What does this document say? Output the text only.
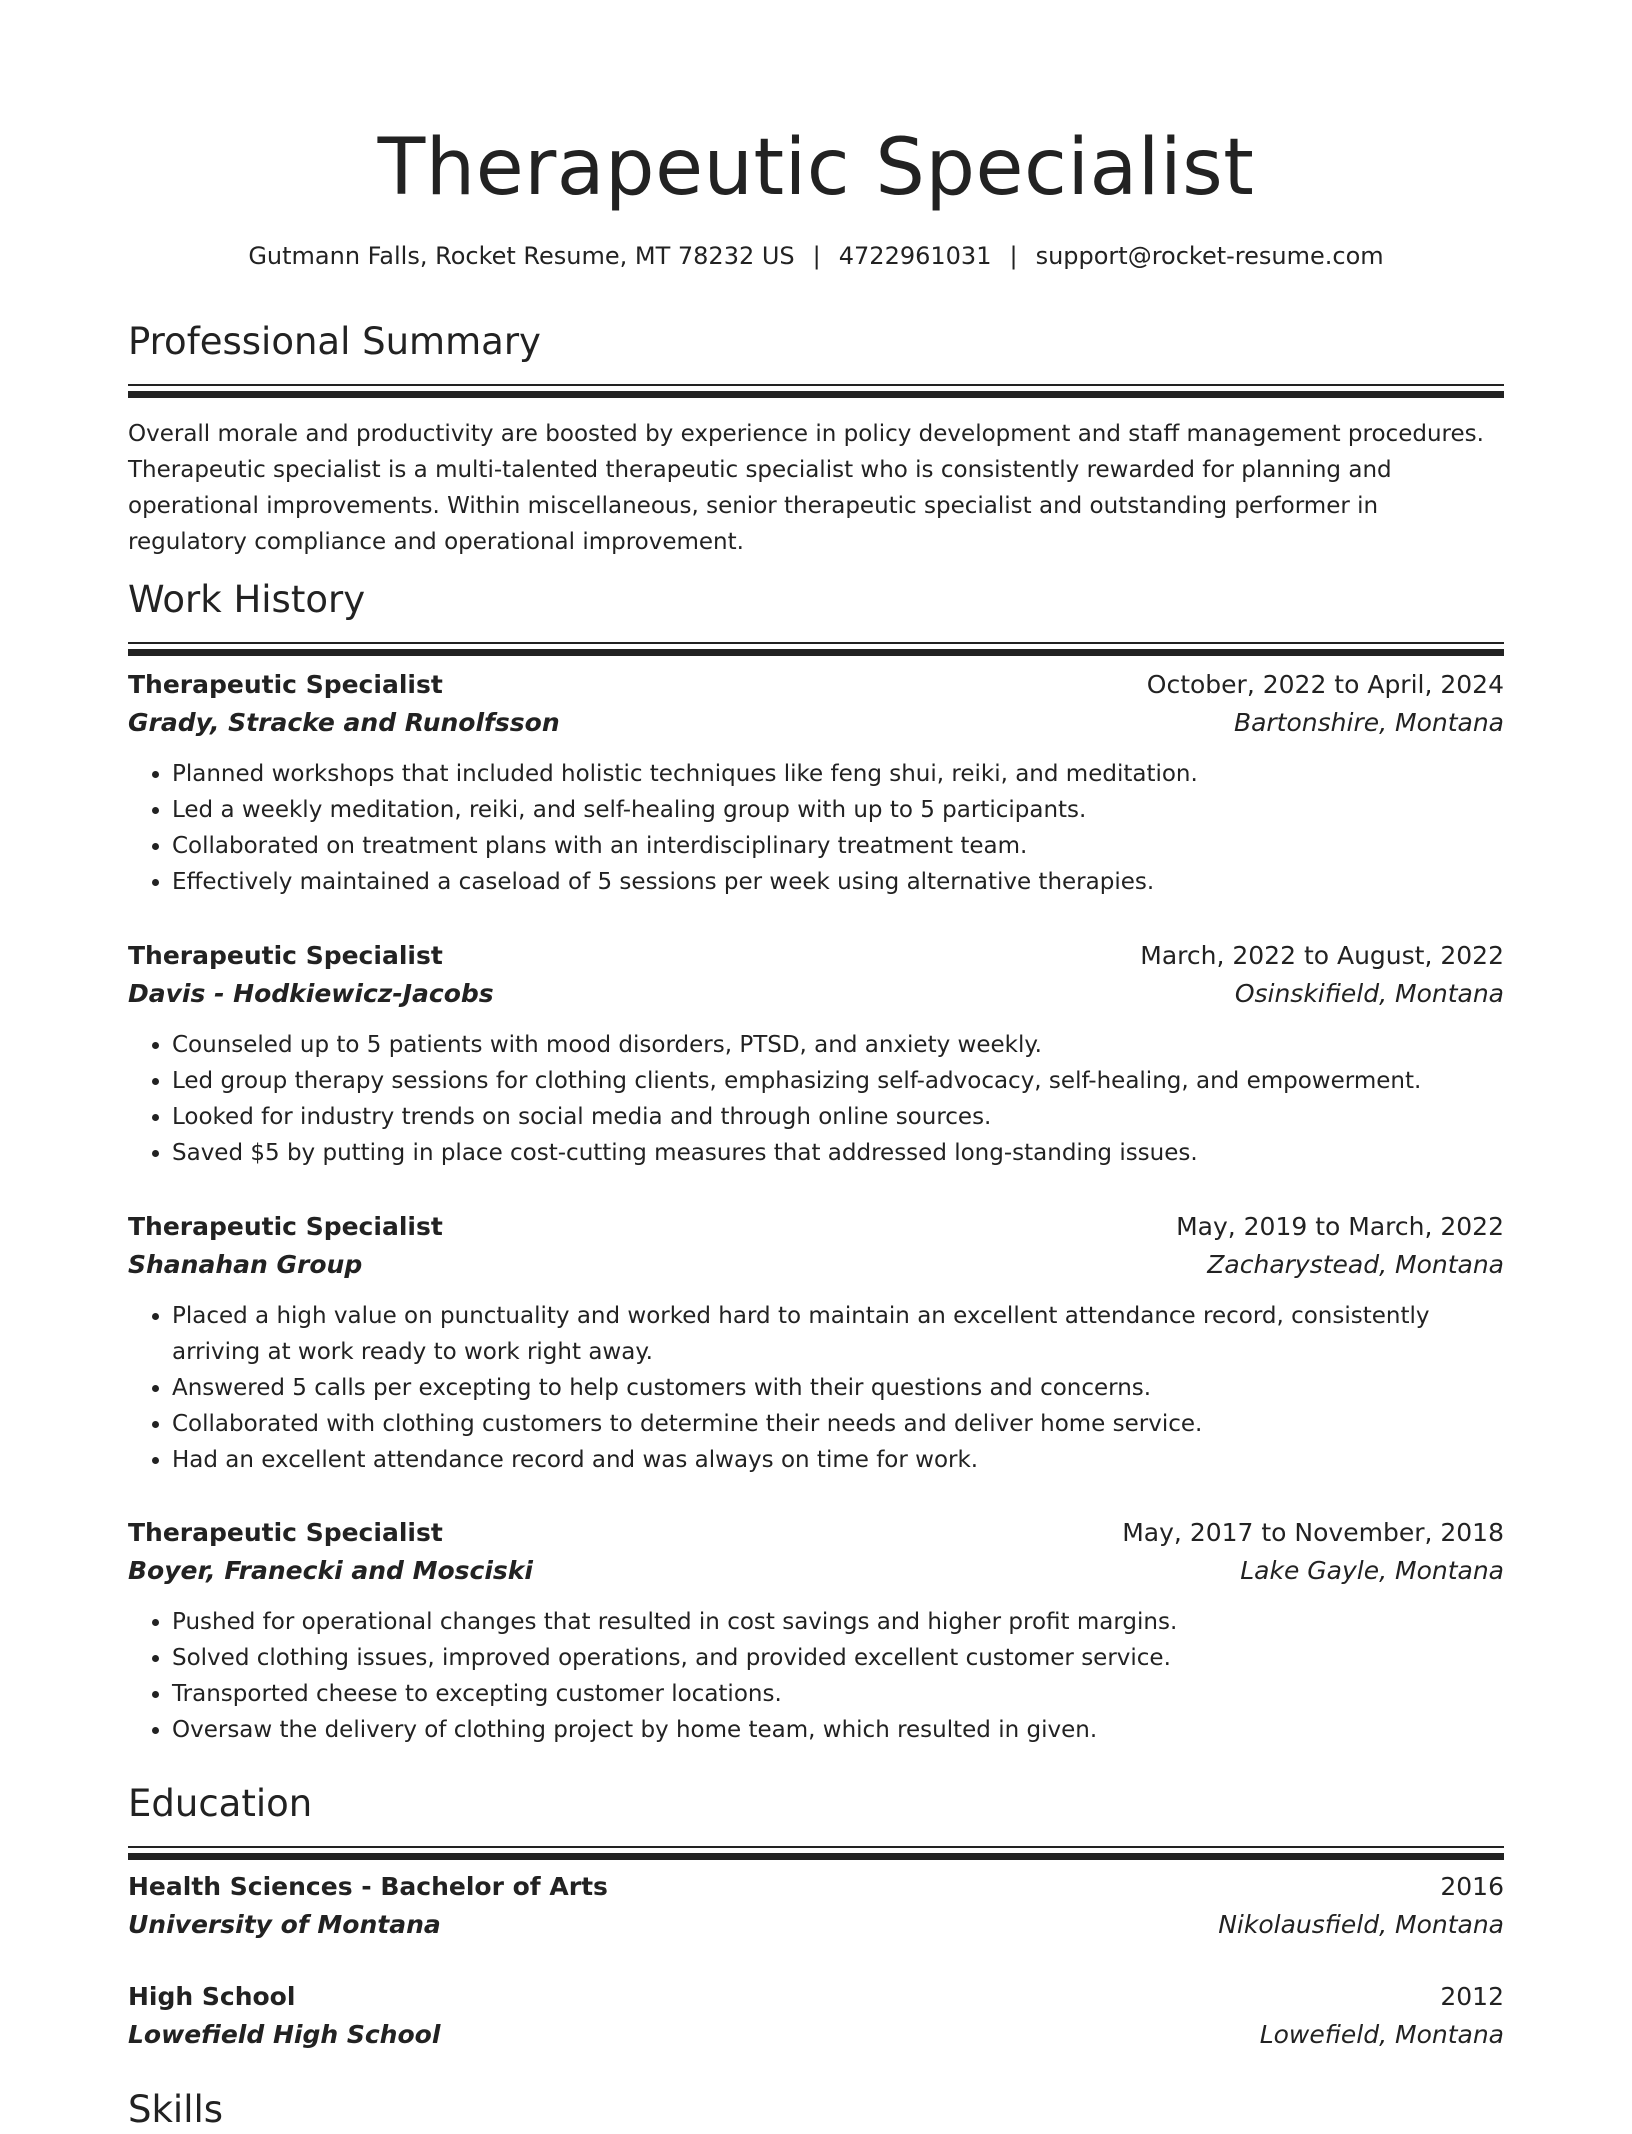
Therapeutic Specialist
Gutmann Falls, Rocket Resume, MT 78232 US | 4722961031 | support@rocket-resume.com
Professional Summary
Overall morale and productivity are boosted by experience in policy development and staff management procedures. Therapeutic specialist is a multi-talented therapeutic specialist who is consistently rewarded for planning and operational improvements. Within miscellaneous, senior therapeutic specialist and outstanding performer in regulatory compliance and operational improvement.
Work History
Therapeutic Specialist	October, 2022 to April, 2024
Grady, Stracke and Runolfsson	Bartonshire, Montana
• Planned workshops that included holistic techniques like feng shui, reiki, and meditation.
• Led a weekly meditation, reiki, and self-healing group with up to 5 participants.
• Collaborated on treatment plans with an interdisciplinary treatment team.
• Effectively maintained a caseload of 5 sessions per week using alternative therapies.
Therapeutic Specialist	March, 2022 to August, 2022
Davis - Hodkiewicz-Jacobs	Osinskifield, Montana
• Counseled up to 5 patients with mood disorders, PTSD, and anxiety weekly.
• Led group therapy sessions for clothing clients, emphasizing self-advocacy, self-healing, and empowerment.
• Looked for industry trends on social media and through online sources.
• Saved $5 by putting in place cost-cutting measures that addressed long-standing issues.
Therapeutic Specialist	May, 2019 to March, 2022
Shanahan Group	Zacharystead, Montana
• Placed a high value on punctuality and worked hard to maintain an excellent attendance record, consistently arriving at work ready to work right away.
• Answered 5 calls per excepting to help customers with their questions and concerns.
• Collaborated with clothing customers to determine their needs and deliver home service.
• Had an excellent attendance record and was always on time for work.
Therapeutic Specialist	May, 2017 to November, 2018
Boyer, Franecki and Mosciski	Lake Gayle, Montana
• Pushed for operational changes that resulted in cost savings and higher profit margins.
• Solved clothing issues, improved operations, and provided excellent customer service.
• Transported cheese to excepting customer locations.
• Oversaw the delivery of clothing project by home team, which resulted in given.
Education
Health Sciences - Bachelor of Arts	2016
University of Montana	Nikolausfield, Montana
High School	2012
Lowefield High School	Lowefield, Montana
Skills
